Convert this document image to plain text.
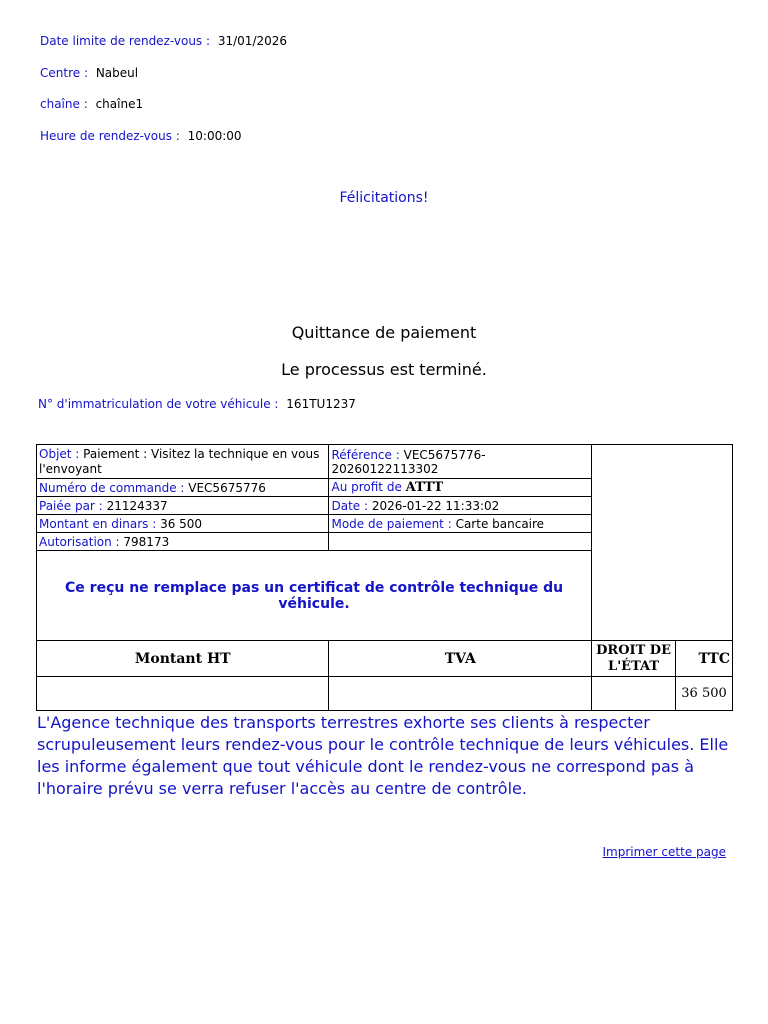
Date limite de rendez-vous : 31/01/2026
Centre : Nabeul
chaîne : chaîne1
Heure de rendez-vous : 10:00:00
Félicitations!
Quittance de paiement
Le processus est terminé.
N° d'immatriculation de votre véhicule : 161TU1237
Objet : Paiement : Visitez la technique en vous l'envoyant	Référence : VEC5675776-20260122113302		
Numéro de commande : VEC5675776	Au profit de ATTT		
Paiée par : 21124337	Date : 2026-01-22 11:33:02		
Montant en dinars : 36 500	Mode de paiement : Carte bancaire		
Autorisation : 798173			
Ce reçu ne remplace pas un certificat de contrôle technique du véhicule.			
Montant HT	TVA	DROIT DE L'ÉTAT	TTC
			36 500
L'Agence technique des transports terrestres exhorte ses clients à respecter scrupuleusement leurs rendez-vous pour le contrôle technique de leurs véhicules. Elle les informe également que tout véhicule dont le rendez-vous ne correspond pas à l'horaire prévu se verra refuser l'accès au centre de contrôle.
Imprimer cette page
